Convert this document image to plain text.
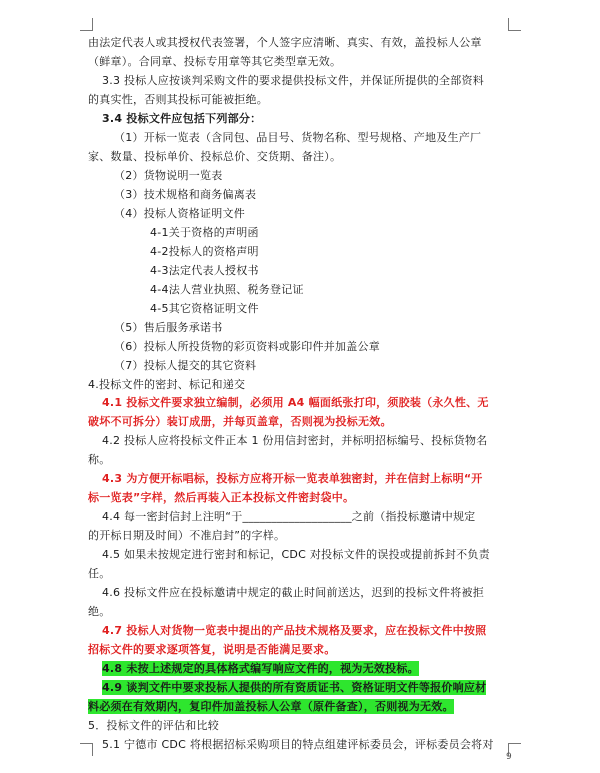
由法定代表人或其授权代表签署，个人签字应清晰、真实、有效，盖投标人公章
（鲜章）。合同章、投标专用章等其它类型章无效。
3.3 投标人应按谈判采购文件的要求提供投标文件，并保证所提供的全部资料
的真实性，否则其投标可能被拒绝。
3.4 投标文件应包括下列部分：
（1）开标一览表（含同包、品目号、货物名称、型号规格、产地及生产厂
家、数量、投标单价、投标总价、交货期、备注）。
（2）货物说明一览表
（3）技术规格和商务偏离表
（4）投标人资格证明文件
4-1关于资格的声明函
4-2投标人的资格声明
4-3法定代表人授权书
4-4法人营业执照、税务登记证
4-5其它资格证明文件
（5）售后服务承诺书
（6）投标人所投货物的彩页资料或影印件并加盖公章
（7）投标人提交的其它资料
4.投标文件的密封、标记和递交
4.1 投标文件要求独立编制，必须用 A4 幅面纸张打印，须胶装（永久性、无
破坏不可拆分）装订成册，并每页盖章，否则视为投标无效。
4.2 投标人应将投标文件正本 1 份用信封密封，并标明招标编号、投标货物名
称。
4.3 为方便开标唱标，投标方应将开标一览表单独密封，并在信封上标明“开
标一览表”字样，然后再装入正本投标文件密封袋中。
4.4 每一密封信封上注明“于___________________之前（指投标邀请中规定
的开标日期及时间）不准启封”的字样。
4.5 如果未按规定进行密封和标记，CDC 对投标文件的误投或提前拆封不负责
任。
4.6 投标文件应在投标邀请中规定的截止时间前送达，迟到的投标文件将被拒
绝。
4.7 投标人对货物一览表中提出的产品技术规格及要求，应在投标文件中按照
招标文件的要求逐项答复，说明是否能满足要求。
4.8 未按上述规定的具体格式编写响应文件的，视为无效投标。
4.9 谈判文件中要求投标人提供的所有资质证书、资格证明文件等报价响应材
料必须在有效期内，复印件加盖投标人公章（原件备查），否则视为无效。
5．投标文件的评估和比较
5.1 宁德市 CDC 将根据招标采购项目的特点组建评标委员会，评标委员会将对
9
